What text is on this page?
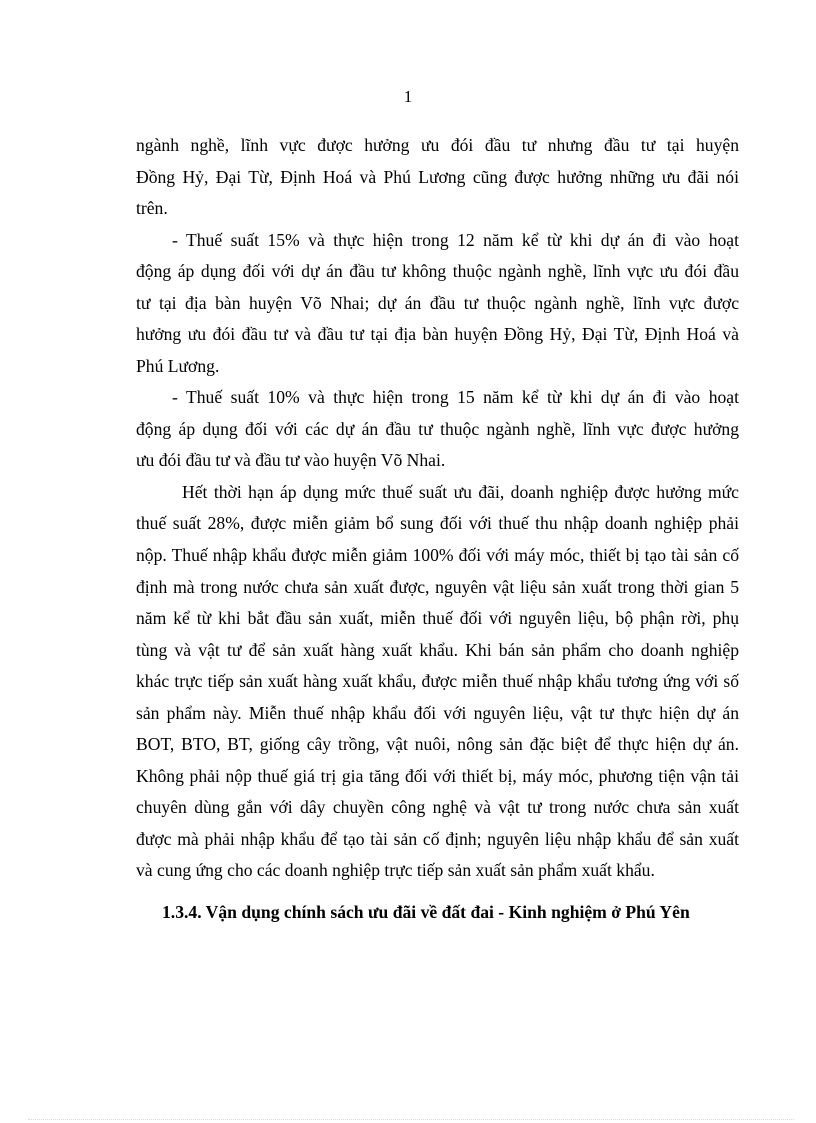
1
ngành nghề, lĩnh vực được hưởng ưu đói đầu tư nhưng đầu tư tại huyện
Đồng Hỷ, Đại Từ, Định Hoá và Phú Lương cũng được hưởng những ưu đãi nói
trên.
- Thuế suất 15% và thực hiện trong 12 năm kể từ khi dự án đi vào hoạt
động áp dụng đối với dự án đầu tư không thuộc ngành nghề, lĩnh vực ưu đói đầu
tư tại địa bàn huyện Võ Nhai; dự án đầu tư thuộc ngành nghề, lĩnh vực được
hưởng ưu đói đầu tư và đầu tư tại địa bàn huyện Đồng Hỷ, Đại Từ, Định Hoá và
Phú Lương.
- Thuế suất 10% và thực hiện trong 15 năm kể từ khi dự án đi vào hoạt
động áp dụng đối với các dự án đầu tư thuộc ngành nghề, lĩnh vực được hưởng
ưu đói đầu tư và đầu tư vào huyện Võ Nhai.
Hết thời hạn áp dụng mức thuế suất ưu đãi, doanh nghiệp được hưởng mức
thuế suất 28%, được miễn giảm bổ sung đối với thuế thu nhập doanh nghiệp phải
nộp. Thuế nhập khẩu được miễn giảm 100% đối với máy móc, thiết bị tạo tài sản cố
định mà trong nước chưa sản xuất được, nguyên vật liệu sản xuất trong thời gian 5
năm kể từ khi bắt đầu sản xuất, miễn thuế đối với nguyên liệu, bộ phận rời, phụ
tùng và vật tư để sản xuất hàng xuất khẩu. Khi bán sản phẩm cho doanh nghiệp
khác trực tiếp sản xuất hàng xuất khẩu, được miễn thuế nhập khẩu tương ứng với số
sản phẩm này. Miễn thuế nhập khẩu đối với nguyên liệu, vật tư thực hiện dự án
BOT, BTO, BT, giống cây trồng, vật nuôi, nông sản đặc biệt để thực hiện dự án.
Không phải nộp thuế giá trị gia tăng đối với thiết bị, máy móc, phương tiện vận tải
chuyên dùng gắn với dây chuyền công nghệ và vật tư trong nước chưa sản xuất
được mà phải nhập khẩu để tạo tài sản cố định; nguyên liệu nhập khẩu để sản xuất
và cung ứng cho các doanh nghiệp trực tiếp sản xuất sản phẩm xuất khẩu.
1.3.4. Vận dụng chính sách ưu đãi về đất đai - Kinh nghiệm ở Phú Yên
